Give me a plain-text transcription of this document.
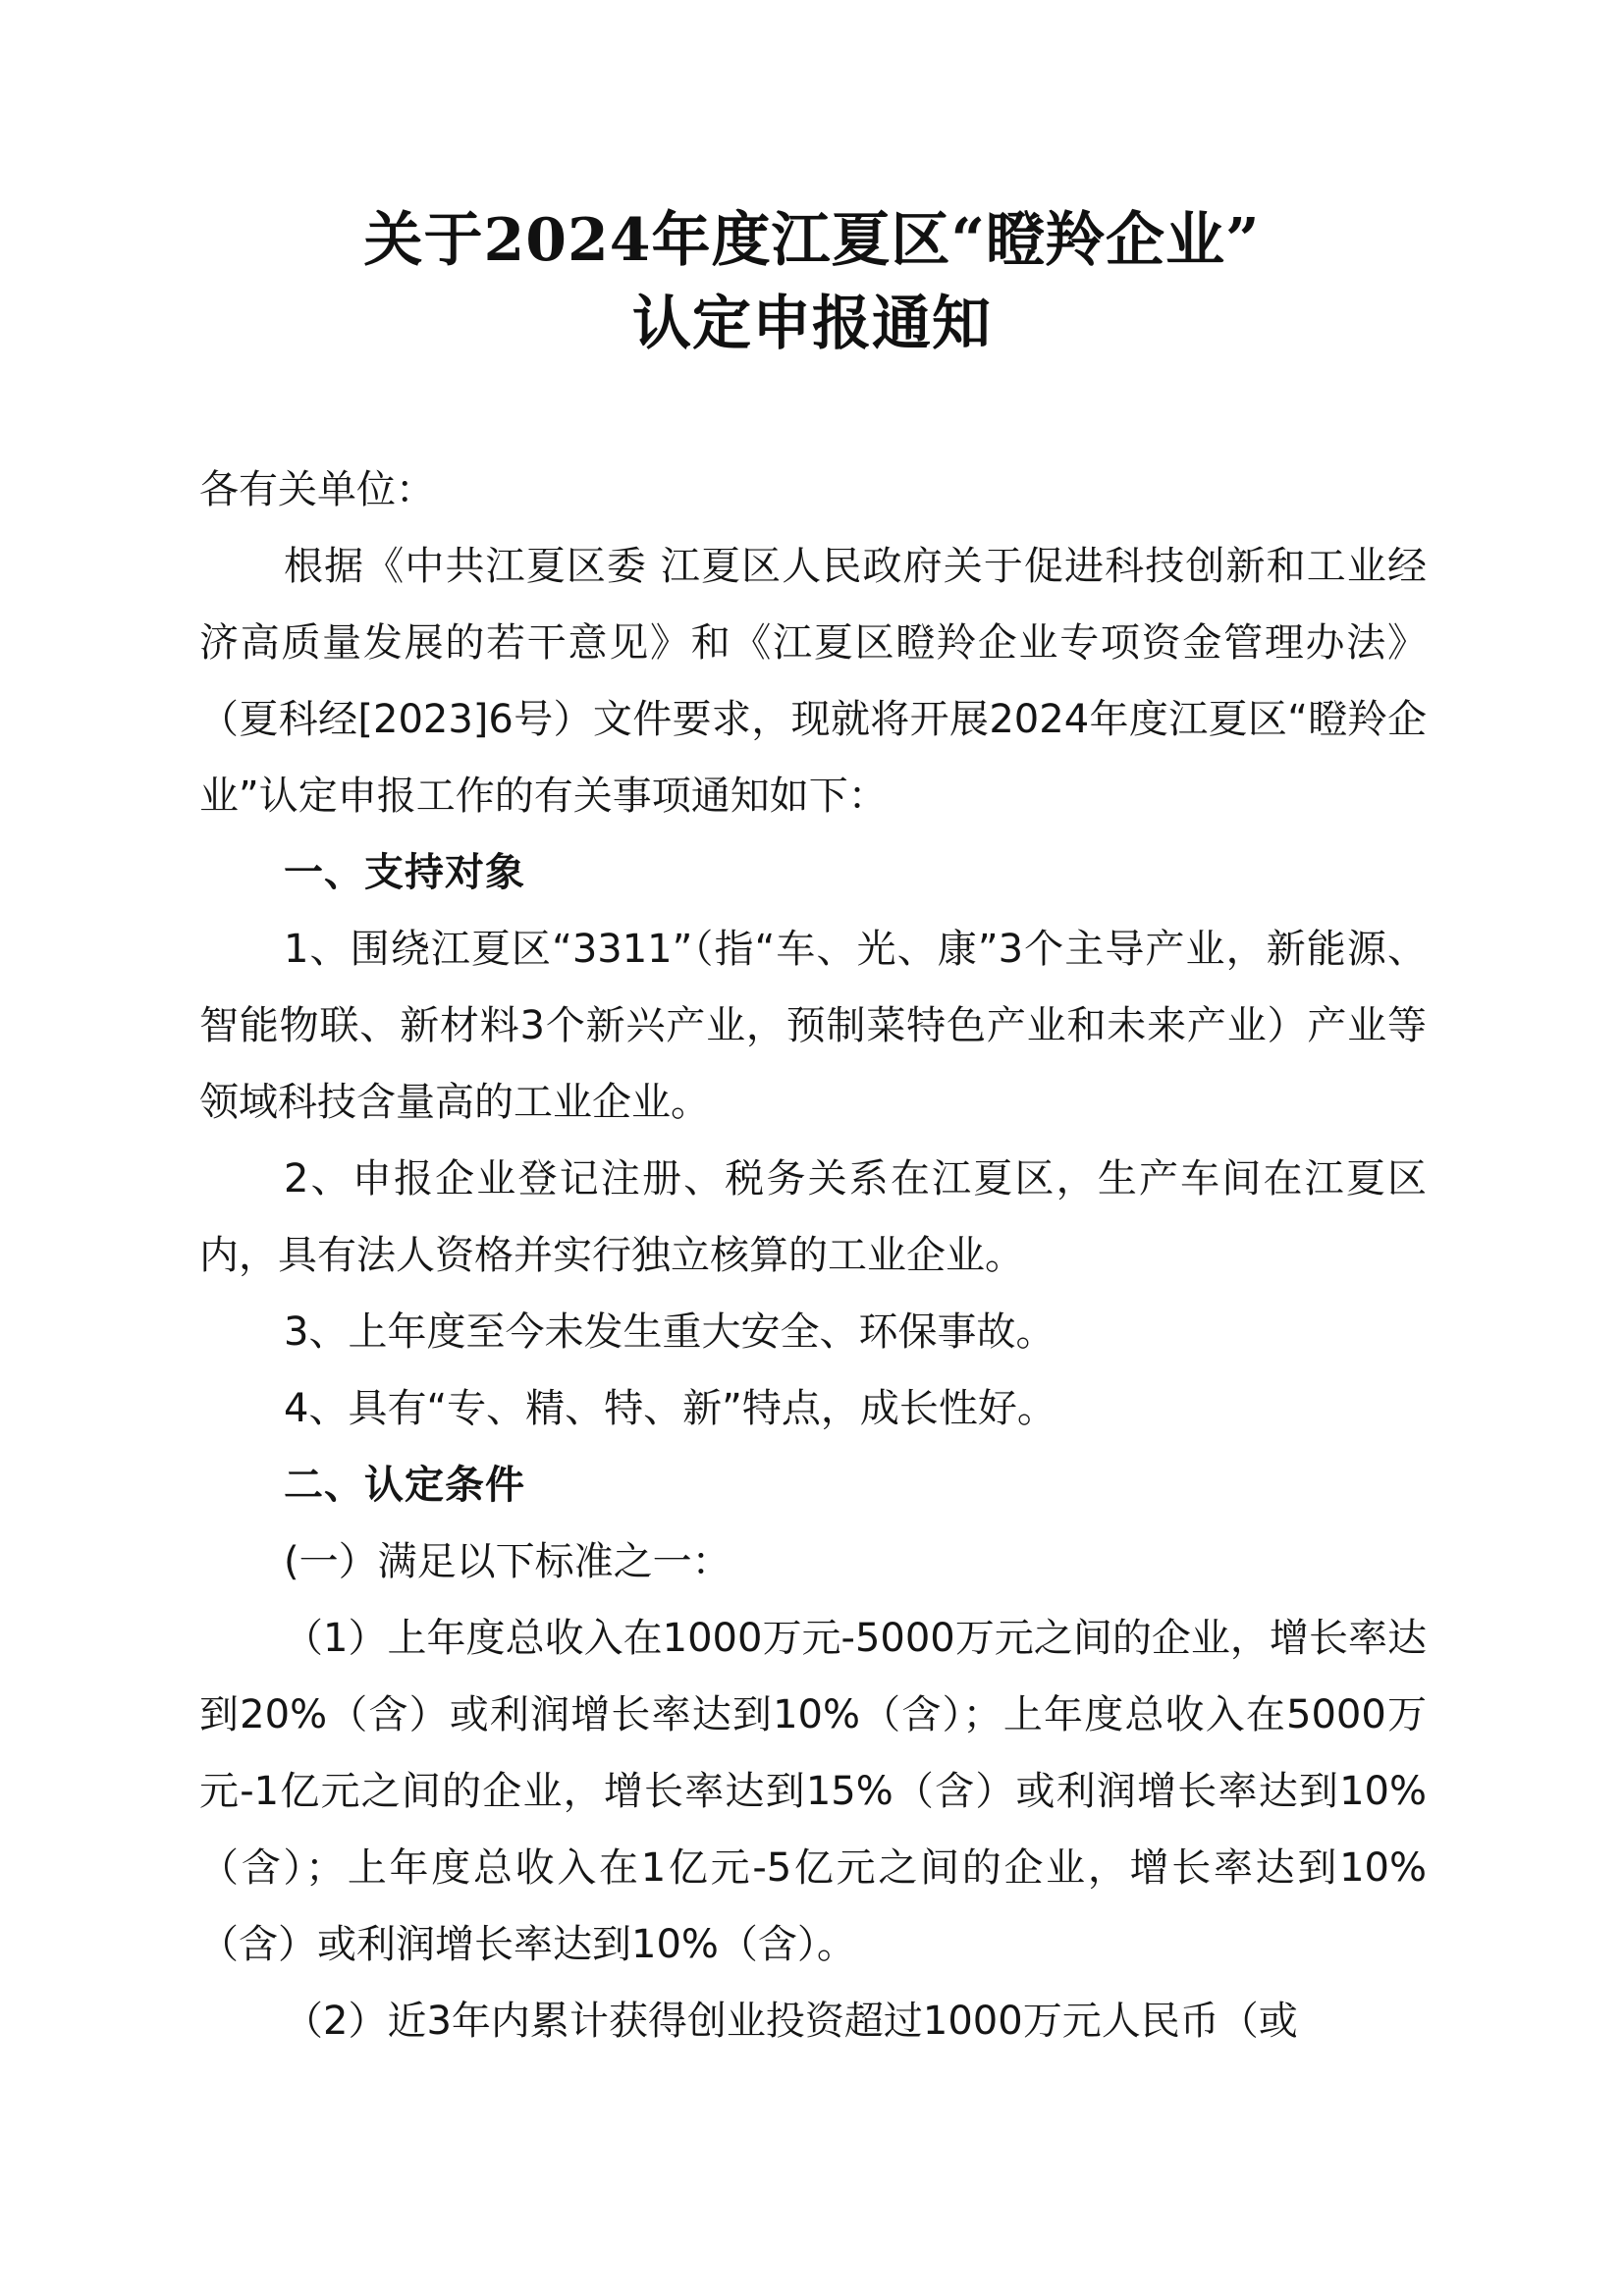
关于2024年度江夏区“瞪羚企业”
认定申报通知

各有关单位：

根据《中共江夏区委 江夏区人民政府关于促进科技创新和工业经济高质量发展的若干意见》和《江夏区瞪羚企业专项资金管理办法》（夏科经[2023]6号）文件要求，现就将开展2024年度江夏区“瞪羚企业”认定申报工作的有关事项通知如下：

一、支持对象

1、围绕江夏区“3311”（指“车、光、康”3个主导产业，新能源、智能物联、新材料3个新兴产业，预制菜特色产业和未来产业）产业等领域科技含量高的工业企业。

2、申报企业登记注册、税务关系在江夏区，生产车间在江夏区内，具有法人资格并实行独立核算的工业企业。

3、上年度至今未发生重大安全、环保事故。

4、具有“专、精、特、新”特点，成长性好。

二、认定条件

(一）满足以下标准之一：

（1）上年度总收入在1000万元-5000万元之间的企业，增长率达到20%（含）或利润增长率达到10%（含）；上年度总收入在5000万元-1亿元之间的企业，增长率达到15%（含）或利润增长率达到10%（含）；上年度总收入在1亿元-5亿元之间的企业，增长率达到10%（含）或利润增长率达到10%（含）。

（2）近3年内累计获得创业投资超过1000万元人民币（或
